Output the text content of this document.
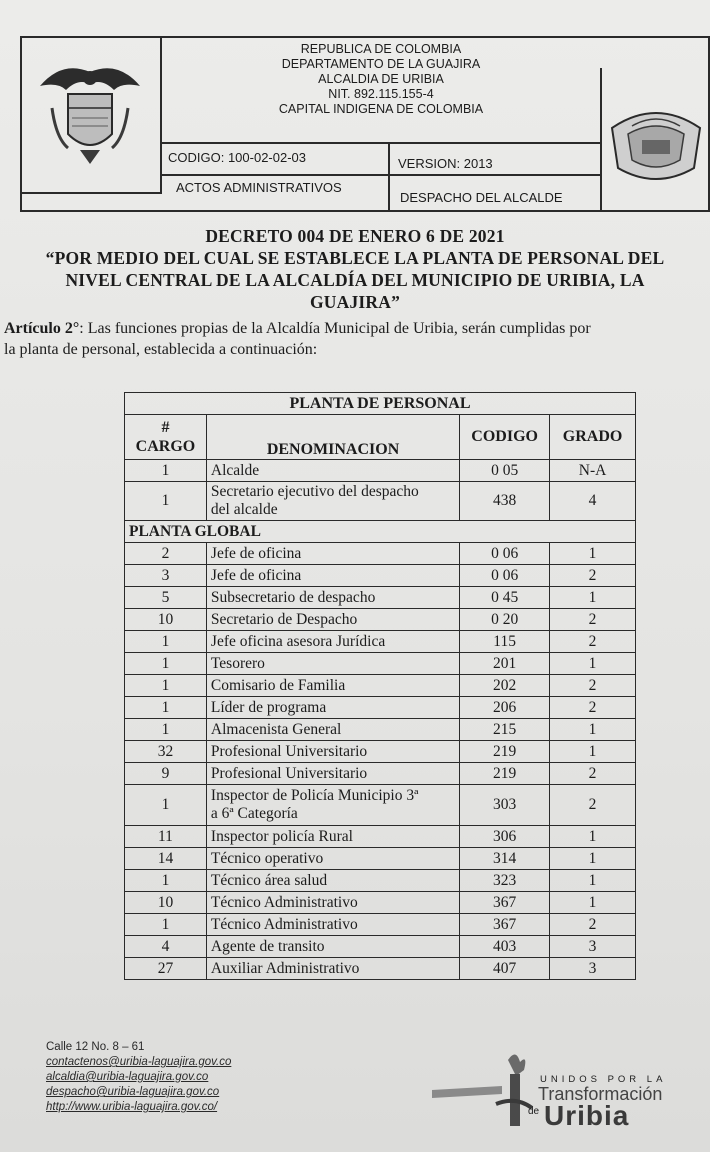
REPUBLICA DE COLOMBIA
DEPARTAMENTO DE LA GUAJIRA
ALCALDIA DE URIBIA
NIT. 892.115.155-4
CAPITAL INDIGENA DE COLOMBIA
CODIGO: 100-02-02-03	VERSION: 2013
ACTOS ADMINISTRATIVOS
DESPACHO DEL ALCALDE
DECRETO 004 DE ENERO 6 DE 2021
“POR MEDIO DEL CUAL SE ESTABLECE LA PLANTA DE PERSONAL DEL
NIVEL CENTRAL DE LA ALCALDÍA DEL MUNICIPIO DE URIBIA, LA
GUAJIRA”
Artículo 2°: Las funciones propias de la Alcaldía Municipal de Uribia, serán cumplidas por
la planta de personal, establecida a continuación:
PLANTA DE PERSONAL			
#
CARGO	DENOMINACION	CODIGO	GRADO
1	Alcalde	0 05	N-A
1	Secretario ejecutivo del despacho
del alcalde	438	4
PLANTA GLOBAL			
2	Jefe de oficina	0 06	1
3	Jefe de oficina	0 06	2
5	Subsecretario de despacho	0 45	1
10	Secretario de Despacho	0 20	2
1	Jefe oficina asesora Jurídica	115	2
1	Tesorero	201	1
1	Comisario de Familia	202	2
1	Líder de programa	206	2
1	Almacenista General	215	1
32	Profesional Universitario	219	1
9	Profesional Universitario	219	2
1	Inspector de Policía Municipio 3ª
a 6ª Categoría	303	2
11	Inspector policía Rural	306	1
14	Técnico operativo	314	1
1	Técnico área salud	323	1
10	Técnico Administrativo	367	1
1	Técnico Administrativo	367	2
4	Agente de transito	403	3
27	Auxiliar Administrativo	407	3
Calle 12 No. 8 – 61
contactenos@uribia-laguajira.gov.co
alcaldia@uribia-laguajira.gov.co
despacho@uribia-laguajira.gov.co
http://www.uribia-laguajira.gov.co/
UNIDOS POR LA
Transformación
de Uribia
